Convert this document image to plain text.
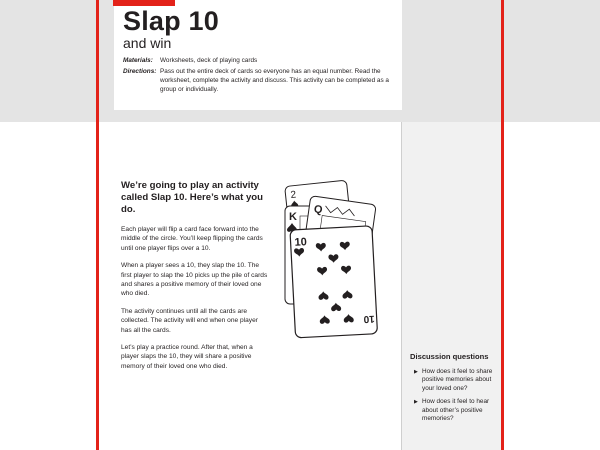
Slap 10
and win
Materials:	Worksheets, deck of playing cards
Directions: Pass out the entire deck of cards so everyone has an equal number. Read the worksheet, complete the activity and discuss. This activity can be completed as a group or individually.
We’re going to play an activity called Slap 10. Here’s what you do.

Each player will flip a card face forward into the middle of the circle. You’ll keep flipping the cards until one player flips over a 10.

When a player sees a 10, they slap the 10. The first player to slap the 10 picks up the pile of cards and shares a positive memory of their loved one who died.

The activity continues until all the cards are collected. The activity will end when one player has all the cards.

Let’s play a practice round. After that, when a player slaps the 10, they will share a positive memory of their loved one who died.

2
K
Q
10
10
Discussion questions
▶ How does it feel to share positive memories about your loved one?
▶ How does it feel to hear about other’s positive memories?
